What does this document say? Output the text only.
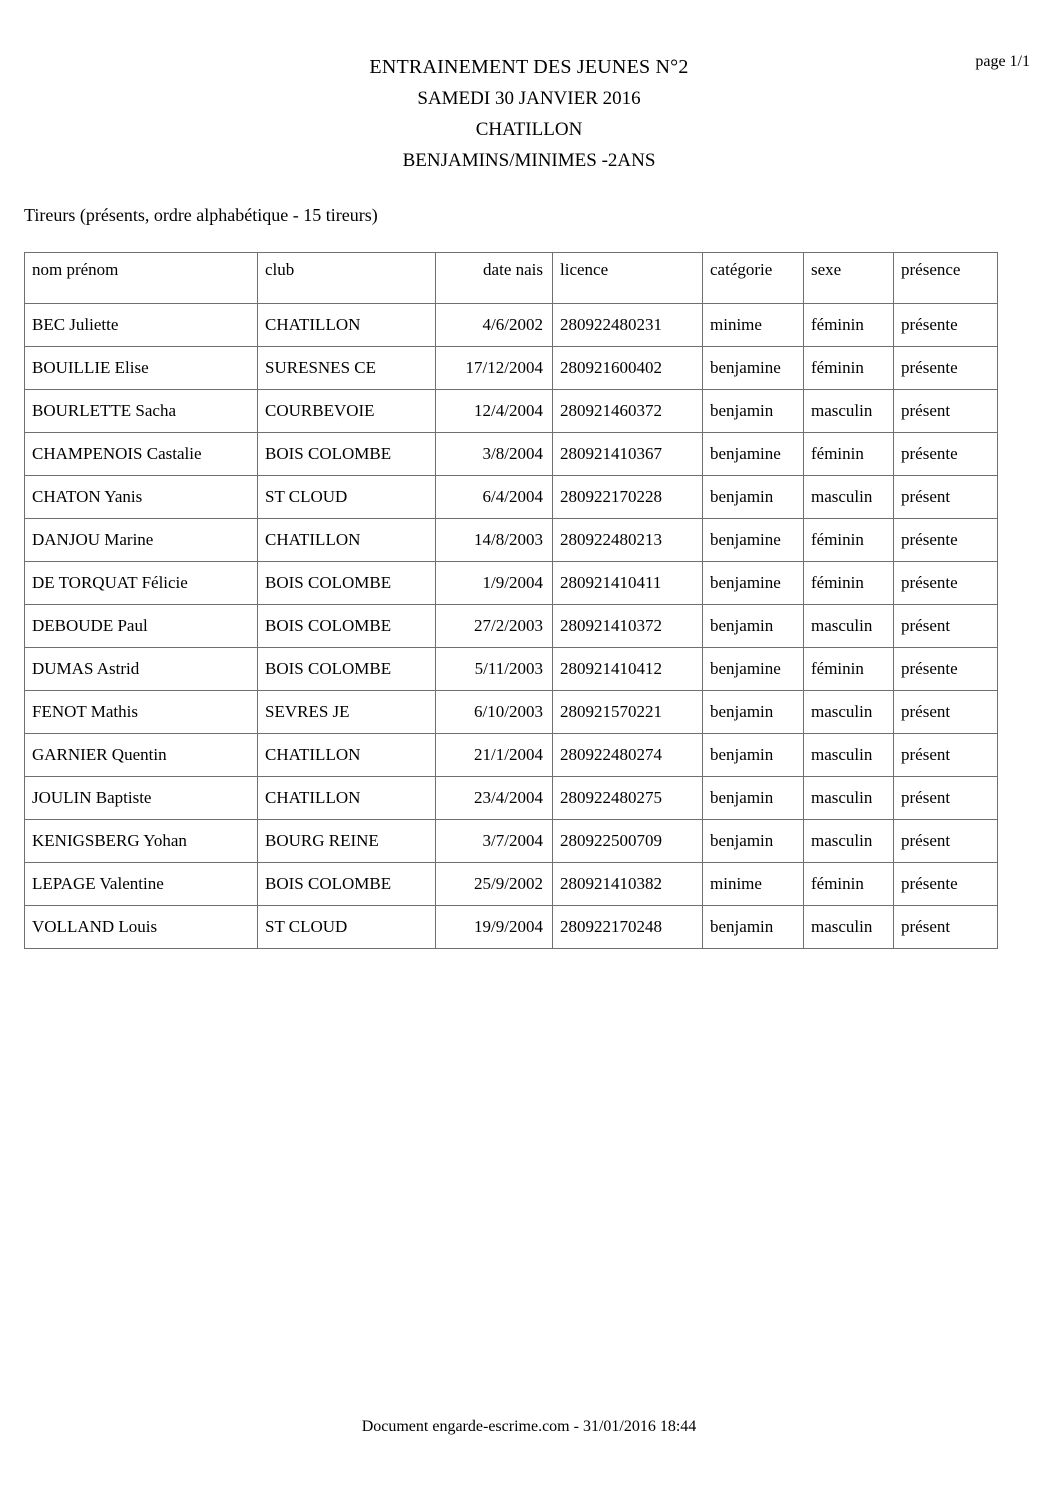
page 1/1
ENTRAINEMENT DES JEUNES N°2
SAMEDI 30 JANVIER 2016
CHATILLON
BENJAMINS/MINIMES -2ANS
Tireurs (présents, ordre alphabétique - 15 tireurs)
nom prénom	club	date nais	licence	catégorie	sexe	présence
BEC Juliette	CHATILLON	4/6/2002	280922480231	minime	féminin	présente
BOUILLIE Elise	SURESNES CE	17/12/2004	280921600402	benjamine	féminin	présente
BOURLETTE Sacha	COURBEVOIE	12/4/2004	280921460372	benjamin	masculin	présent
CHAMPENOIS Castalie	BOIS COLOMBE	3/8/2004	280921410367	benjamine	féminin	présente
CHATON Yanis	ST CLOUD	6/4/2004	280922170228	benjamin	masculin	présent
DANJOU Marine	CHATILLON	14/8/2003	280922480213	benjamine	féminin	présente
DE TORQUAT Félicie	BOIS COLOMBE	1/9/2004	280921410411	benjamine	féminin	présente
DEBOUDE Paul	BOIS COLOMBE	27/2/2003	280921410372	benjamin	masculin	présent
DUMAS Astrid	BOIS COLOMBE	5/11/2003	280921410412	benjamine	féminin	présente
FENOT Mathis	SEVRES JE	6/10/2003	280921570221	benjamin	masculin	présent
GARNIER Quentin	CHATILLON	21/1/2004	280922480274	benjamin	masculin	présent
JOULIN Baptiste	CHATILLON	23/4/2004	280922480275	benjamin	masculin	présent
KENIGSBERG Yohan	BOURG REINE	3/7/2004	280922500709	benjamin	masculin	présent
LEPAGE Valentine	BOIS COLOMBE	25/9/2002	280921410382	minime	féminin	présente
VOLLAND Louis	ST CLOUD	19/9/2004	280922170248	benjamin	masculin	présent
Document engarde-escrime.com - 31/01/2016 18:44
